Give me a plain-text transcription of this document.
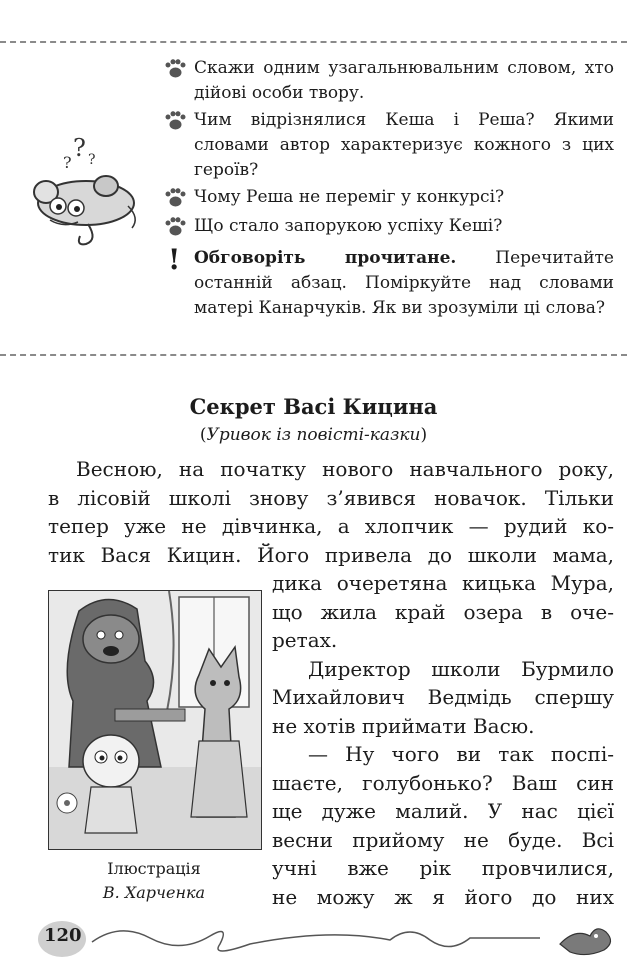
?
? ?
Скажи одним узагальнювальним словом, хто дійові особи твору.
Чим відрізнялися Кеша і Реша? Якими словами автор характеризує кожного з цих героїв?
Чому Реша не переміг у конкурсі?
Що стало запорукою успіху Кеші?
! Обговоріть прочитане. Перечитайте останній абзац. Поміркуйте над словами матері Канарчуків. Як ви зрозуміли ці слова?
Секрет Васі Кицина
(Уривок із повісті-казки)
Весною, на початку нового навчального року,
в лісовій школі знову з’явився новачок. Тільки
тепер уже не дівчинка, а хлопчик — рудий ко-
тик Вася Кицин. Його привела до школи мама,
дика очеретяна кицька Мура,
що жила край озера в оче-
ретах.
Директор школи Бурмило
Михайлович Ведмідь спершу
не хотів приймати Васю.
— Ну чого ви так поспі-
шаєте, голубонько? Ваш син
ще дуже малий. У нас цієї
весни прийому не буде. Всі
учні вже рік провчилися,
не можу ж я його до них
Ілюстрація
В. Харченка
120
